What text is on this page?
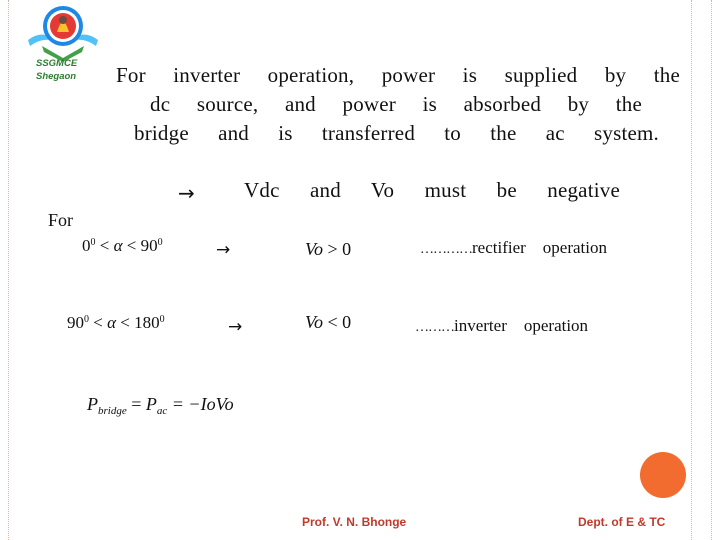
SSGMCE
Shegaon For inverter operation, power is supplied by the
dc source, and power is absorbed by the
bridge and is transferred to the ac system.
→ Vdc and Vo must be negative
For
$0^0 < \alpha < 90^0$	→	Vo > 0	…………rectifier operation
$90^0 < \alpha < 180^0$	→	Vo < 0	………inverter operation
$P_{bridge} = P_{ac}$ = −IoVo
Prof. V. N. Bhonge	Dept. of E & TC
